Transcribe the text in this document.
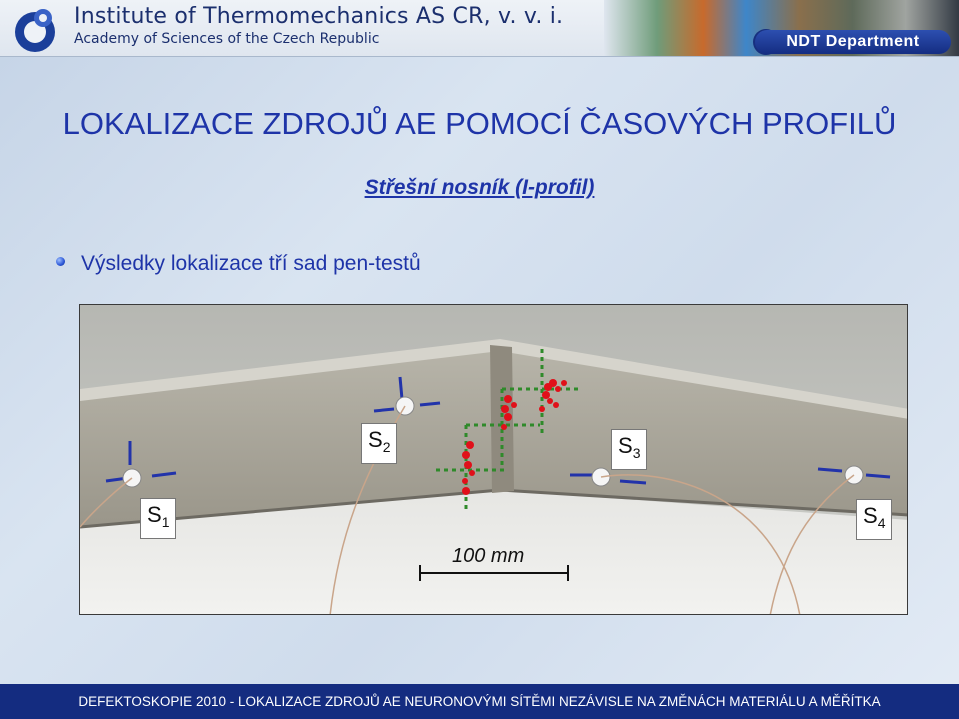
Institute of Thermomechanics AS CR, v. v. i.
Academy of Sciences of the Czech Republic	NDT Department
LOKALIZACE ZDROJŮ AE POMOCÍ ČASOVÝCH PROFILŮ
Střešní nosník (I-profil)
Výsledky lokalizace tří sad pen-testů
$S_1$
$S_2$	$S_3$
$S_4$
100 mm
DEFEKTOSKOPIE 2010 - LOKALIZACE ZDROJŮ AE NEURONOVÝMI SÍTĚMI NEZÁVISLE NA ZMĚNÁCH MATERIÁLU A MĚŘÍTKA
